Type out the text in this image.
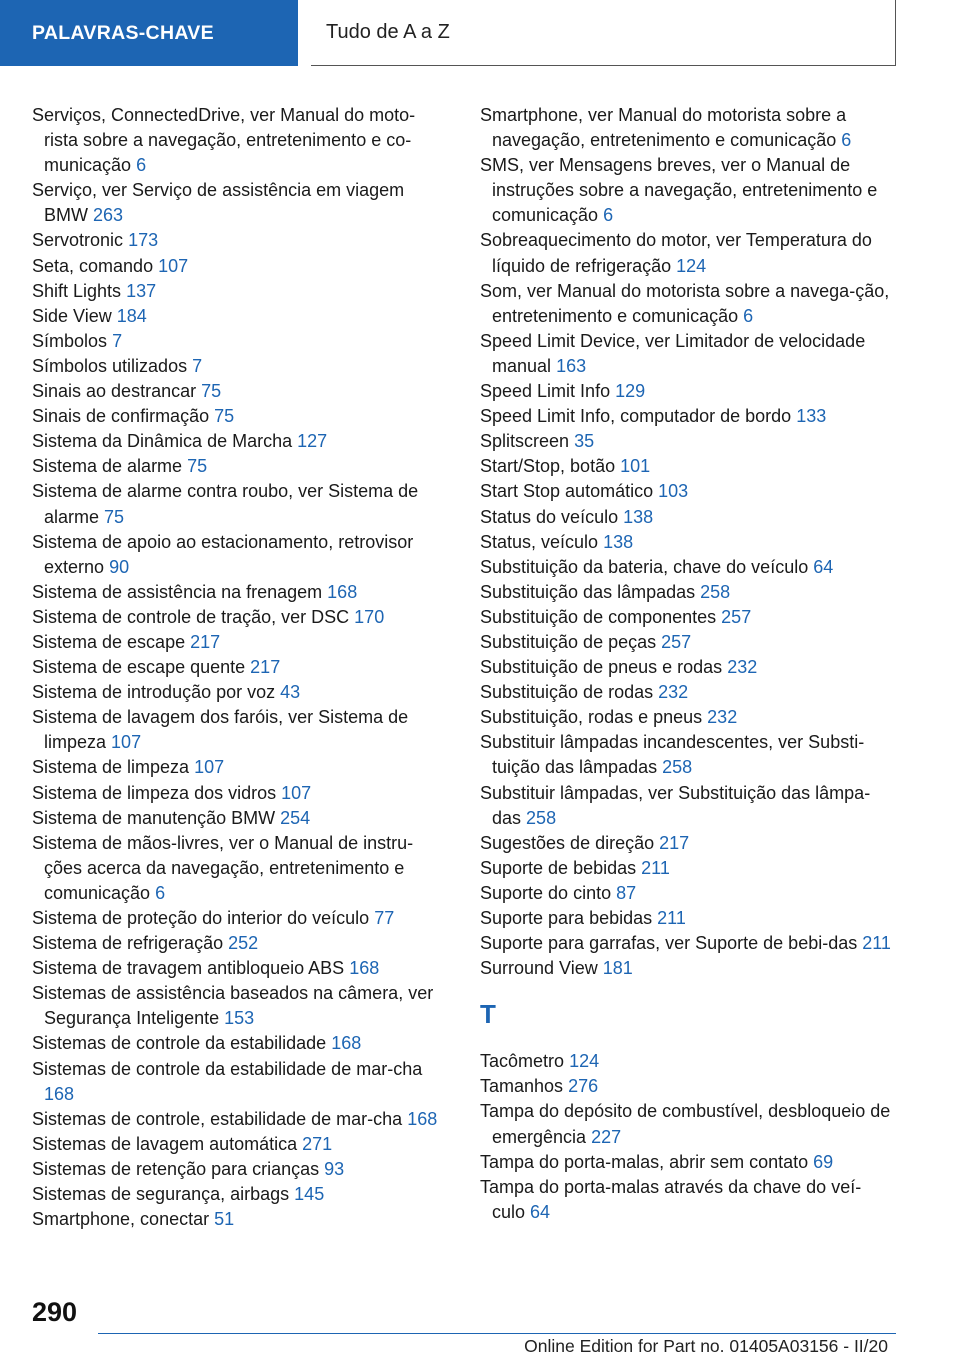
PALAVRAS-CHAVE	Tudo de A a Z

Serviços, ConnectedDrive, ver Manual do moto-rista sobre a navegação, entretenimento e co-municação 6

Serviço, ver Serviço de assistência em viagem BMW 263

Servotronic 173

Seta, comando 107

Shift Lights 137

Side View 184

Símbolos 7

Símbolos utilizados 7

Sinais ao destrancar 75

Sinais de confirmação 75

Sistema da Dinâmica de Marcha 127

Sistema de alarme 75

Sistema de alarme contra roubo, ver Sistema de alarme 75

Sistema de apoio ao estacionamento, retrovisor externo 90

Sistema de assistência na frenagem 168

Sistema de controle de tração, ver DSC 170

Sistema de escape 217

Sistema de escape quente 217

Sistema de introdução por voz 43

Sistema de lavagem dos faróis, ver Sistema de limpeza 107

Sistema de limpeza 107

Sistema de limpeza dos vidros 107

Sistema de manutenção BMW 254

Sistema de mãos-livres, ver o Manual de instru-ções acerca da navegação, entretenimento e comunicação 6

Sistema de proteção do interior do veículo 77

Sistema de refrigeração 252

Sistema de travagem antibloqueio ABS 168

Sistemas de assistência baseados na câmera, ver Segurança Inteligente 153

Sistemas de controle da estabilidade 168

Sistemas de controle da estabilidade de mar-cha 168

Sistemas de controle, estabilidade de mar-cha 168

Sistemas de lavagem automática 271

Sistemas de retenção para crianças 93

Sistemas de segurança, airbags 145

Smartphone, conectar 51

Smartphone, ver Manual do motorista sobre a navegação, entretenimento e comunicação 6

SMS, ver Mensagens breves, ver o Manual de instruções sobre a navegação, entretenimento e comunicação 6

Sobreaquecimento do motor, ver Temperatura do líquido de refrigeração 124

Som, ver Manual do motorista sobre a navega-ção, entretenimento e comunicação 6

Speed Limit Device, ver Limitador de velocidade manual 163

Speed Limit Info 129

Speed Limit Info, computador de bordo 133

Splitscreen 35

Start/Stop, botão 101

Start Stop automático 103

Status do veículo 138

Status, veículo 138

Substituição da bateria, chave do veículo 64

Substituição das lâmpadas 258

Substituição de componentes 257

Substituição de peças 257

Substituição de pneus e rodas 232

Substituição de rodas 232

Substituição, rodas e pneus 232

Substituir lâmpadas incandescentes, ver Substi-tuição das lâmpadas 258

Substituir lâmpadas, ver Substituição das lâmpa-das 258

Sugestões de direção 217

Suporte de bebidas 211

Suporte do cinto 87

Suporte para bebidas 211

Suporte para garrafas, ver Suporte de bebi-das 211

Surround View 181

T

Tacômetro 124

Tamanhos 276

Tampa do depósito de combustível, desbloqueio de emergência 227

Tampa do porta-malas, abrir sem contato 69

Tampa do porta-malas através da chave do veí-culo 64

290
Online Edition for Part no. 01405A03156 - II/20
